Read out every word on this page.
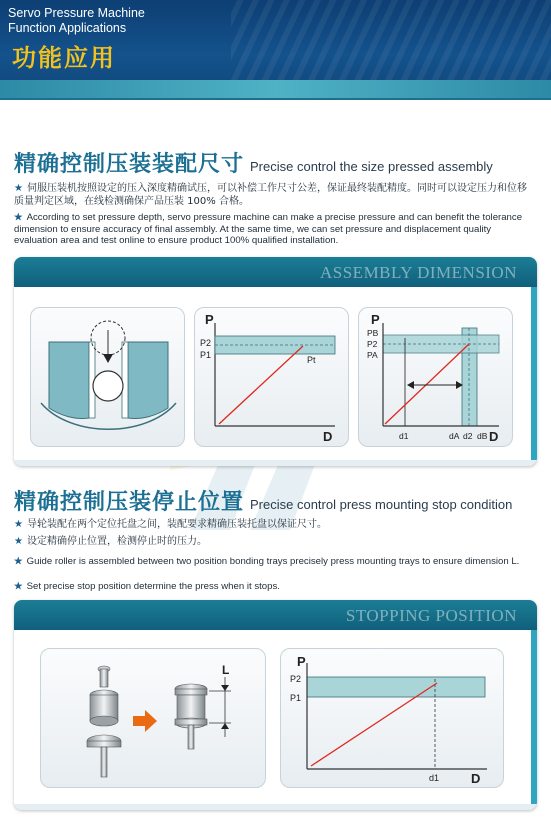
Servo Pressure Machine
Function Applications
功能应用
精确控制压装装配尺寸 Precise control the size pressed assembly
★ 伺服压装机按照设定的压入深度精确试压，可以补偿工作尺寸公差，保证最终装配精度。同时可以设定压力和位移质量判定区域，在线检测确保产品压装 100% 合格。
★ According to set pressure depth, servo pressure machine can make a precise pressure and can benefit the tolerance dimension to ensure accuracy of final assembly. At the same time, we can set pressure and displacement quality evaluation area and test online to ensure product 100% qualified installation.
ASSEMBLY DIMENSION
P
D
P2
P1	Pt
P
D
PB
P2
PA
d1	dA d2 dB
精确控制压装停止位置 Precise control press mounting stop condition
★ 导轮装配在两个定位托盘之间，装配要求精确压装托盘以保证尺寸。
★ 设定精确停止位置，检测停止时的压力。
★ Guide roller is assembled between two position bonding trays precisely press mounting trays to ensure dimension L.
★ Set precise stop position determine the press when it stops.
STOPPING POSITION
L
P
D
P2
P1
d1
